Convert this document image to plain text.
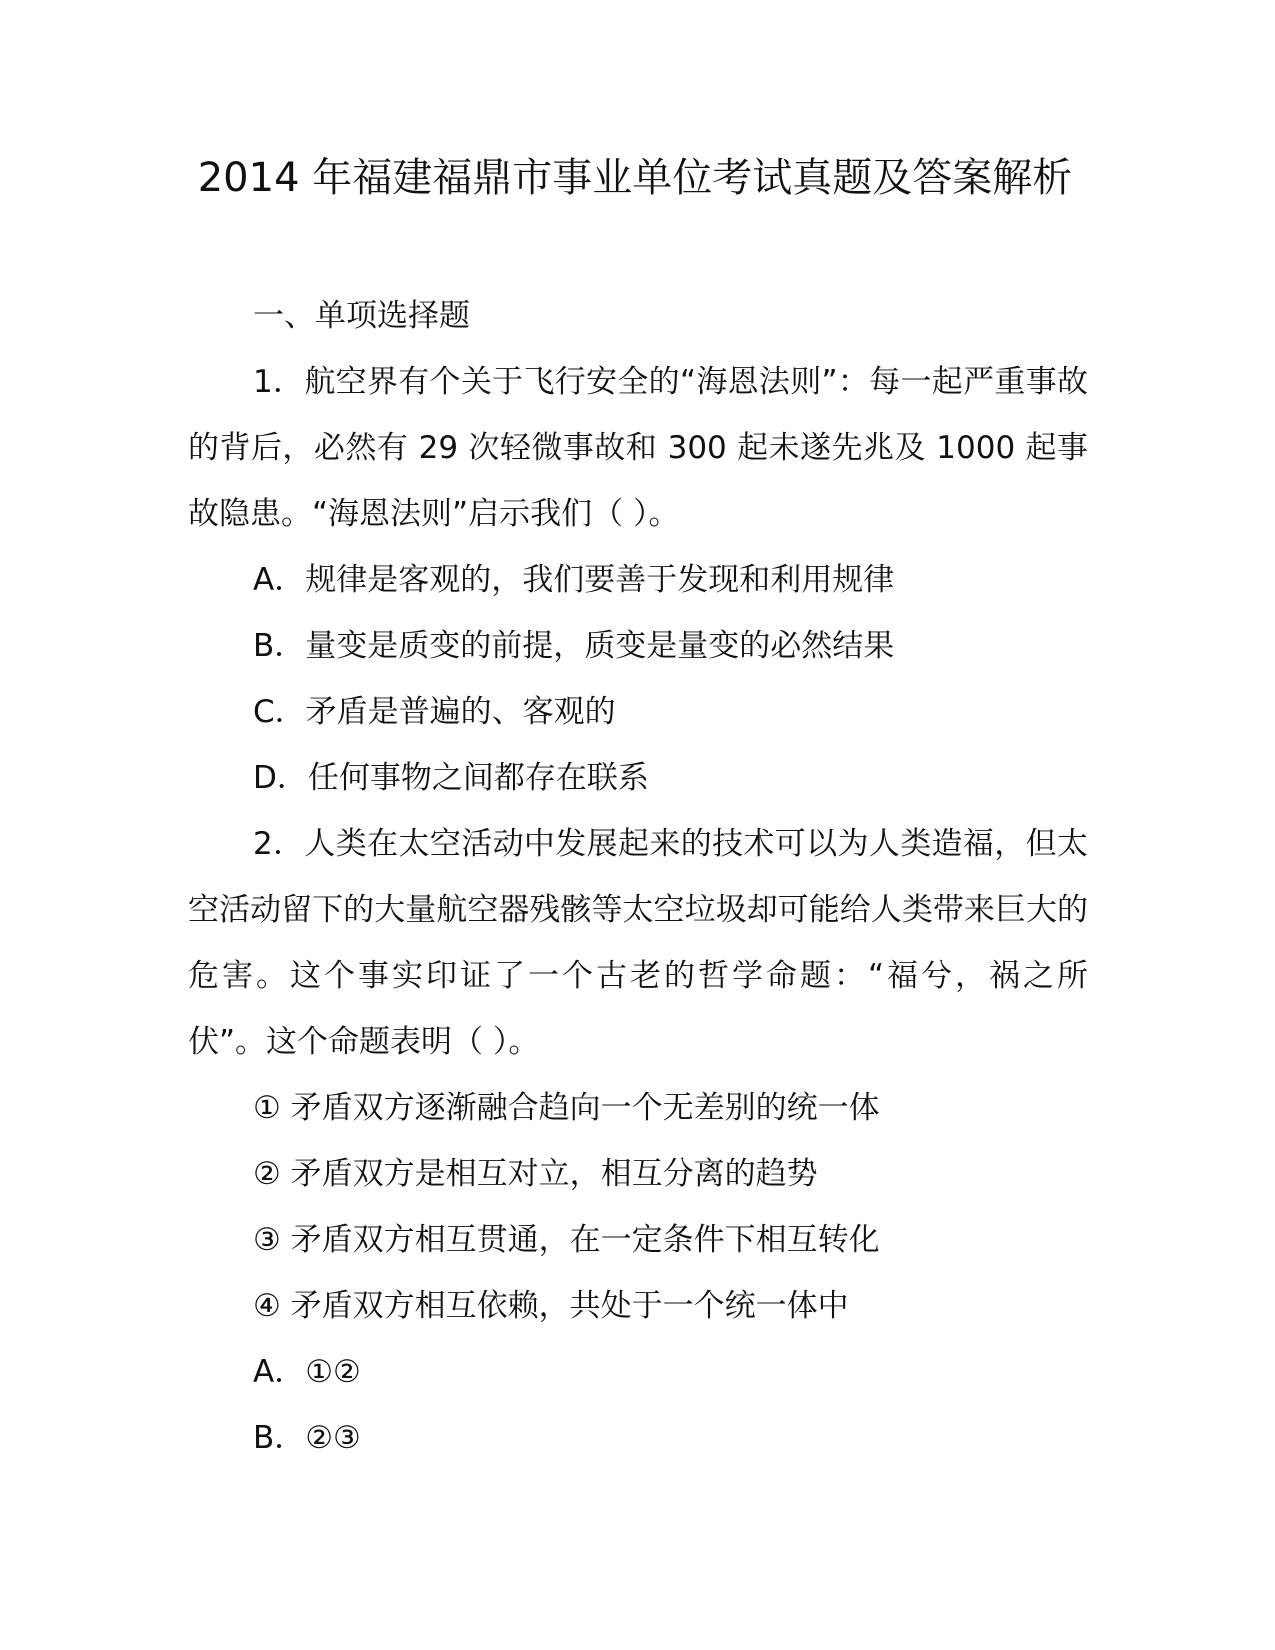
2014 年福建福鼎市事业单位考试真题及答案解析

一、单项选择题

1．航空界有个关于飞行安全的“海恩法则”：每一起严重事故的背后，必然有 29 次轻微事故和 300 起未遂先兆及 1000 起事故隐患。“海恩法则”启示我们（ ）。

A．规律是客观的，我们要善于发现和利用规律

B．量变是质变的前提，质变是量变的必然结果

C．矛盾是普遍的、客观的

D．任何事物之间都存在联系

2．人类在太空活动中发展起来的技术可以为人类造福，但太空活动留下的大量航空器残骸等太空垃圾却可能给人类带来巨大的危害。这个事实印证了一个古老的哲学命题：“福兮，祸之所伏”。这个命题表明（ ）。

① 矛盾双方逐渐融合趋向一个无差别的统一体

② 矛盾双方是相互对立，相互分离的趋势

③ 矛盾双方相互贯通，在一定条件下相互转化

④ 矛盾双方相互依赖，共处于一个统一体中

A．①②

B．②③
